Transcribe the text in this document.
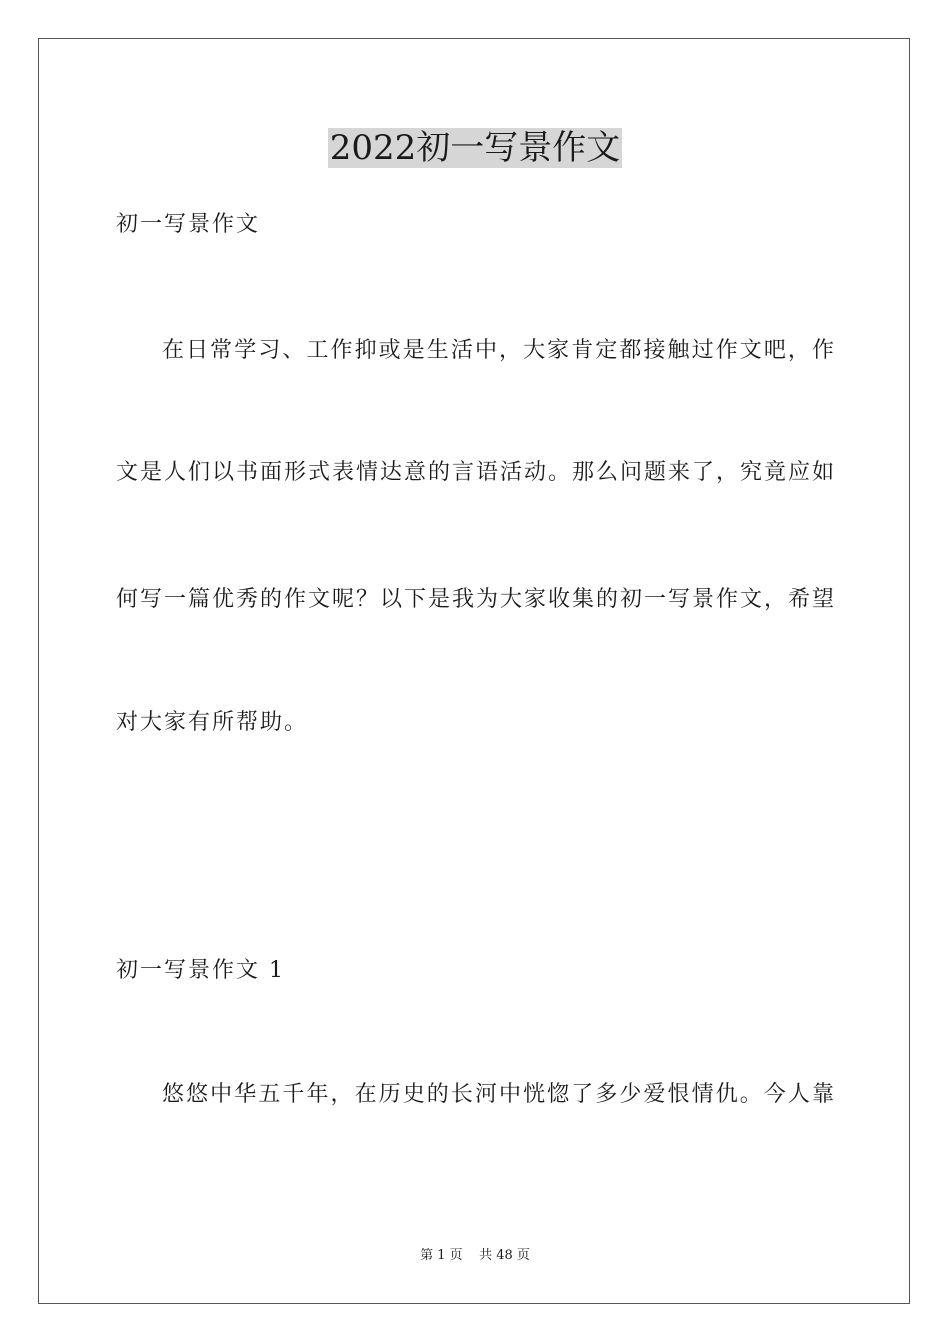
2022初一写景作文
初一写景作文
在日常学习、工作抑或是生活中，大家肯定都接触过作文吧，作
文是人们以书面形式表情达意的言语活动。那么问题来了，究竟应如
何写一篇优秀的作文呢？以下是我为大家收集的初一写景作文，希望
对大家有所帮助。
初一写景作文 1
悠悠中华五千年，在历史的长河中恍惚了多少爱恨情仇。今人靠
第 1 页    共 48 页
